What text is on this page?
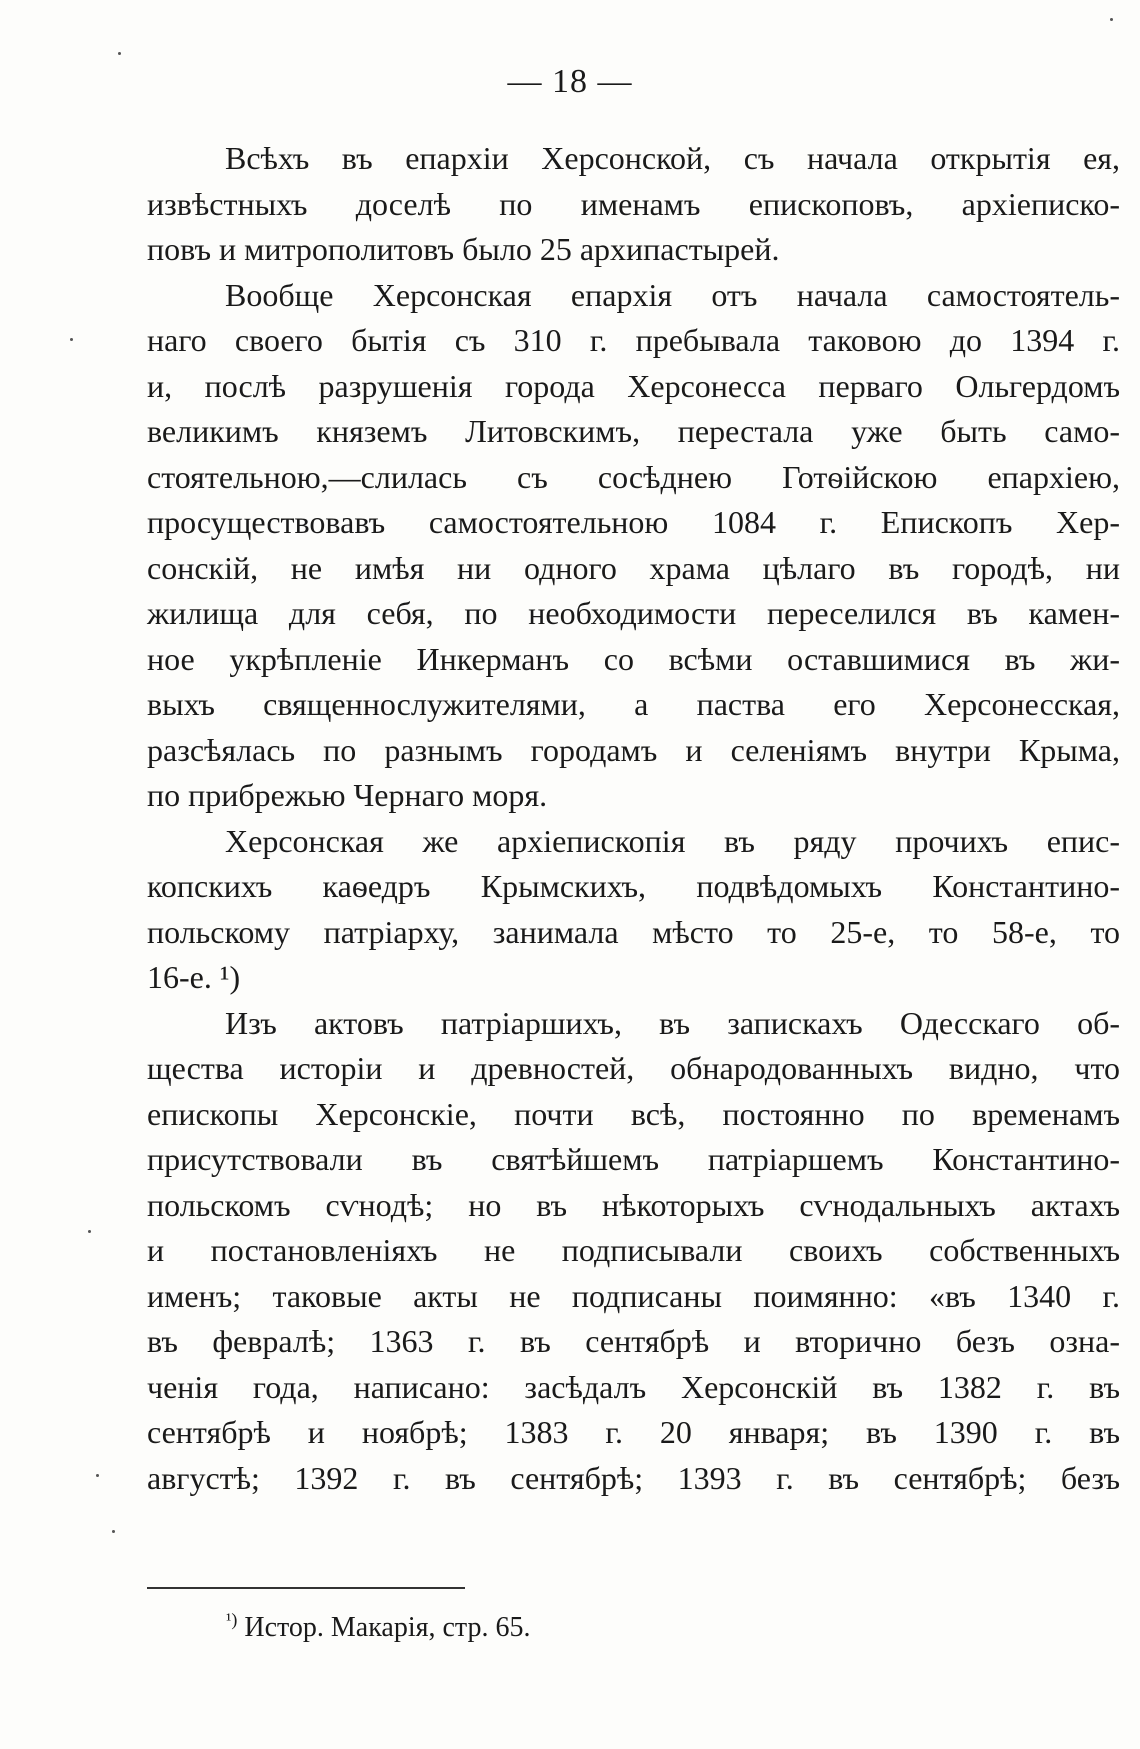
— 18 —

Всѣхъ въ епархіи Херсонской, съ начала открытія ея,
извѣстныхъ доселѣ по именамъ епископовъ, архіеписко-
повъ и митрополитовъ было 25 архипастырей.

Вообще Херсонская епархія отъ начала самостоятель-
наго своего бытія съ 310 г. пребывала таковою до 1394 г.
и, послѣ разрушенія города Херсонесса перваго Ольгердомъ
великимъ княземъ Литовскимъ, перестала уже быть само-
стоятельною,—слилась съ сосѣднею Готѳійскою епархіею,
просуществовавъ самостоятельною 1084 г. Епископъ Хер-
сонскій, не имѣя ни одного храма цѣлаго въ городѣ, ни
жилища для себя, по необходимости переселился въ камен-
ное укрѣпленіе Инкерманъ со всѣми оставшимися въ жи-
выхъ священнослужителями, а паства его Херсонесская,
разсѣялась по разнымъ городамъ и селеніямъ внутри Крыма,
по прибрежью Чернаго моря.

Херсонская же архіепископія въ ряду прочихъ епис-
копскихъ каѳедръ Крымскихъ, подвѣдомыхъ Константино-
польскому патріарху, занимала мѣсто то 25-е, то 58-е, то
16-е. ¹)

Изъ актовъ патріаршихъ, въ запискахъ Одесскаго об-
щества исторіи и древностей, обнародованныхъ видно, что
епископы Херсонскіе, почти всѣ, постоянно по временамъ
присутствовали въ святѣйшемъ патріаршемъ Константино-
польскомъ сѵнодѣ; но въ нѣкоторыхъ сѵнодальныхъ актахъ
и постановленіяхъ не подписывали своихъ собственныхъ
именъ; таковые акты не подписаны поимянно: «въ 1340 г.
въ февралѣ; 1363 г. въ сентябрѣ и вторично безъ озна-
ченія года, написано: засѣдалъ Херсонскій въ 1382 г. въ
сентябрѣ и ноябрѣ; 1383 г. 20 января; въ 1390 г. въ
августѣ; 1392 г. въ сентябрѣ; 1393 г. въ сентябрѣ; безъ

$^{^1)}$ Истор. Макарія, стр. 65.
